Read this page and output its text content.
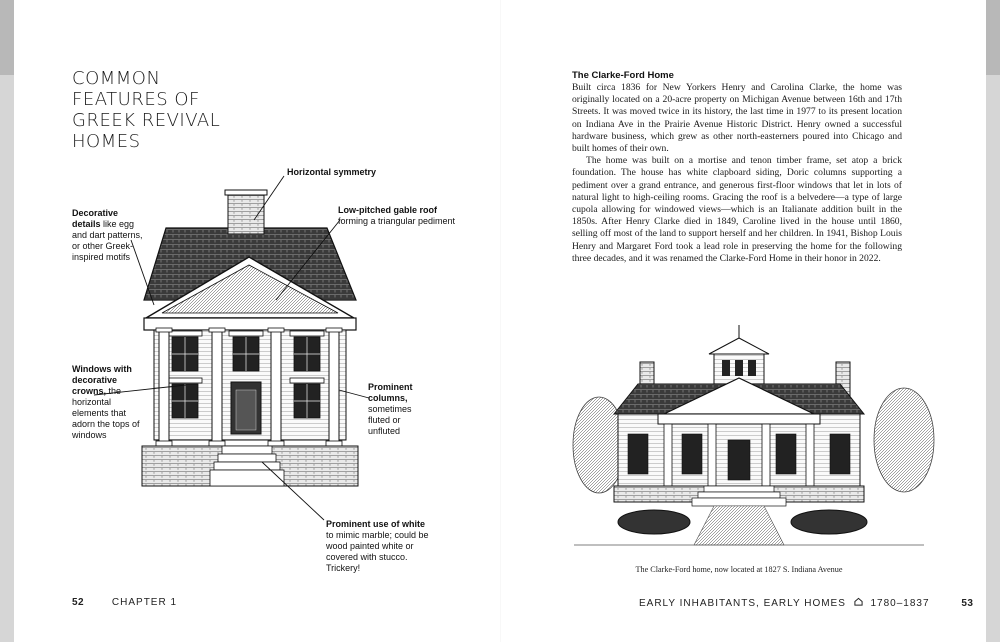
COMMON
FEATURES OF
GREEK REVIVAL
HOMES
Horizontal symmetry
Low-pitched gable roof forming a triangular pediment
Decorative details like egg and dart patterns, or other Greek-inspired motifs
Windows with decorative crowns, the horizontal elements that adorn the tops of windows
Prominent columns, sometimes fluted or unfluted
Prominent use of white to mimic marble; could be wood painted white or covered with stucco. Trickery!
52	CHAPTER 1
The Clarke-Ford Home

Built circa 1836 for New Yorkers Henry and Carolina Clarke, the home was originally located on a 20-acre property on Michigan Avenue between 16th and 17th Streets. It was moved twice in its history, the last time in 1977 to its present location on Indiana Ave in the Prairie Avenue Historic District. Henry owned a successful hardware business, which grew as other north-easterners poured into Chicago and built homes of their own.

The home was built on a mortise and tenon timber frame, set atop a brick foundation. The house has white clapboard siding, Doric columns supporting a pediment over a grand entrance, and generous first-floor windows that let in lots of natural light to high-ceiling rooms. Gracing the roof is a belvedere—a type of large cupola allowing for windowed views—which is an Italianate addition built in the 1850s. After Henry Clarke died in 1849, Caroline lived in the house until 1860, selling off most of the land to support herself and her children. In 1941, Bishop Louis Henry and Margaret Ford took a lead role in preserving the home for the following three decades, and it was renamed the Clarke-Ford Home in their honor in 2022.

The Clarke-Ford home, now located at 1827 S. Indiana Avenue
EARLY INHABITANTS, EARLY HOMES 1780–1837	53
